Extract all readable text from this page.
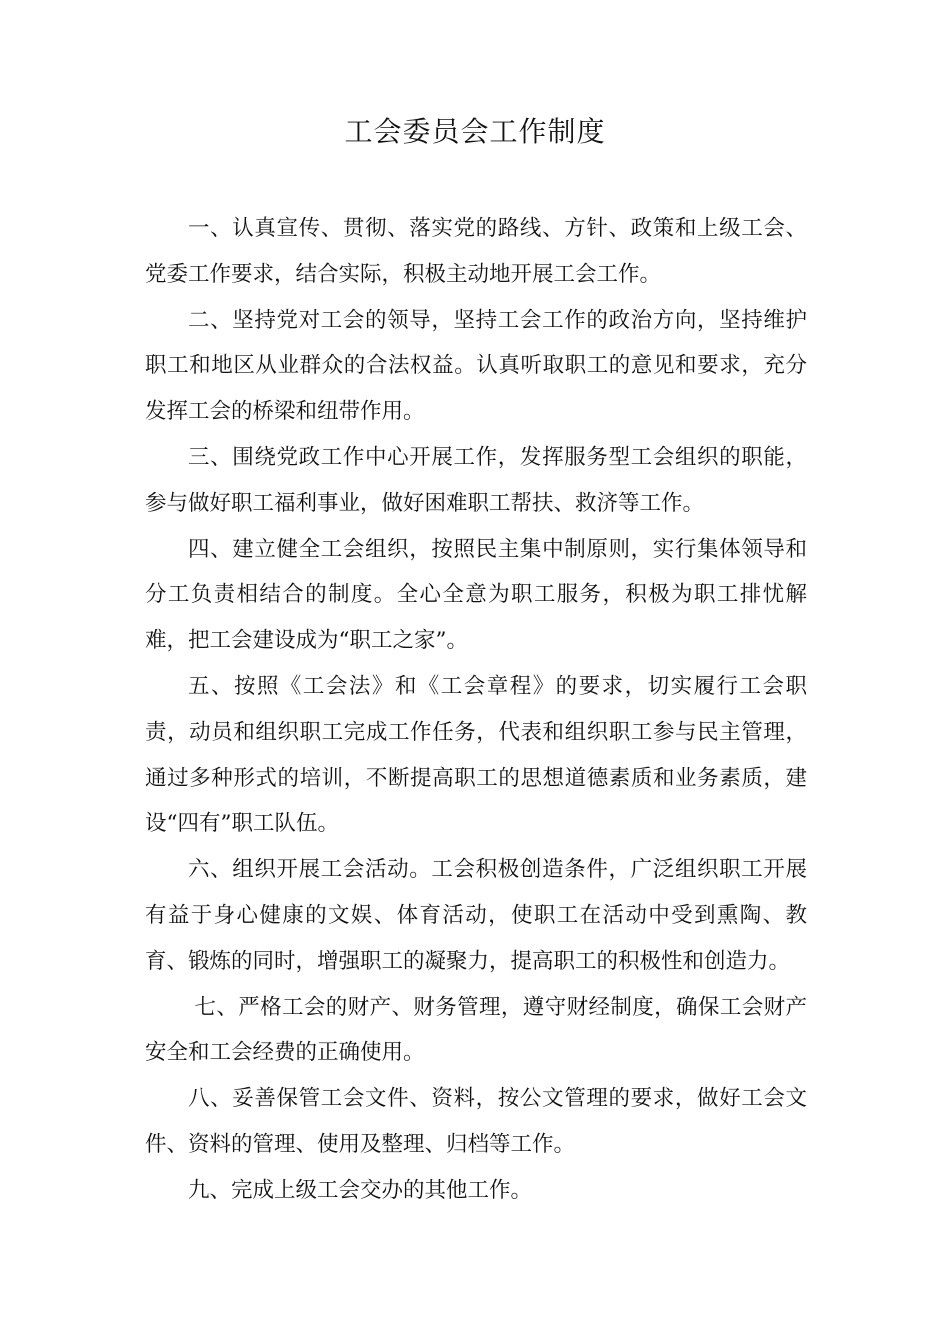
工会委员会工作制度

一、认真宣传、贯彻、落实党的路线、方针、政策和上级工会、党委工作要求，结合实际，积极主动地开展工会工作。

二、坚持党对工会的领导，坚持工会工作的政治方向，坚持维护职工和地区从业群众的合法权益。认真听取职工的意见和要求，充分发挥工会的桥梁和纽带作用。

三、围绕党政工作中心开展工作，发挥服务型工会组织的职能，参与做好职工福利事业，做好困难职工帮扶、救济等工作。

四、建立健全工会组织，按照民主集中制原则，实行集体领导和分工负责相结合的制度。全心全意为职工服务，积极为职工排忧解难，把工会建设成为“职工之家”。

五、按照《工会法》和《工会章程》的要求，切实履行工会职责，动员和组织职工完成工作任务，代表和组织职工参与民主管理，通过多种形式的培训，不断提高职工的思想道德素质和业务素质，建设“四有”职工队伍。

六、组织开展工会活动。工会积极创造条件，广泛组织职工开展有益于身心健康的文娱、体育活动，使职工在活动中受到熏陶、教育、锻炼的同时，增强职工的凝聚力，提高职工的积极性和创造力。

七、严格工会的财产、财务管理，遵守财经制度，确保工会财产安全和工会经费的正确使用。

八、妥善保管工会文件、资料，按公文管理的要求，做好工会文件、资料的管理、使用及整理、归档等工作。

九、完成上级工会交办的其他工作。
